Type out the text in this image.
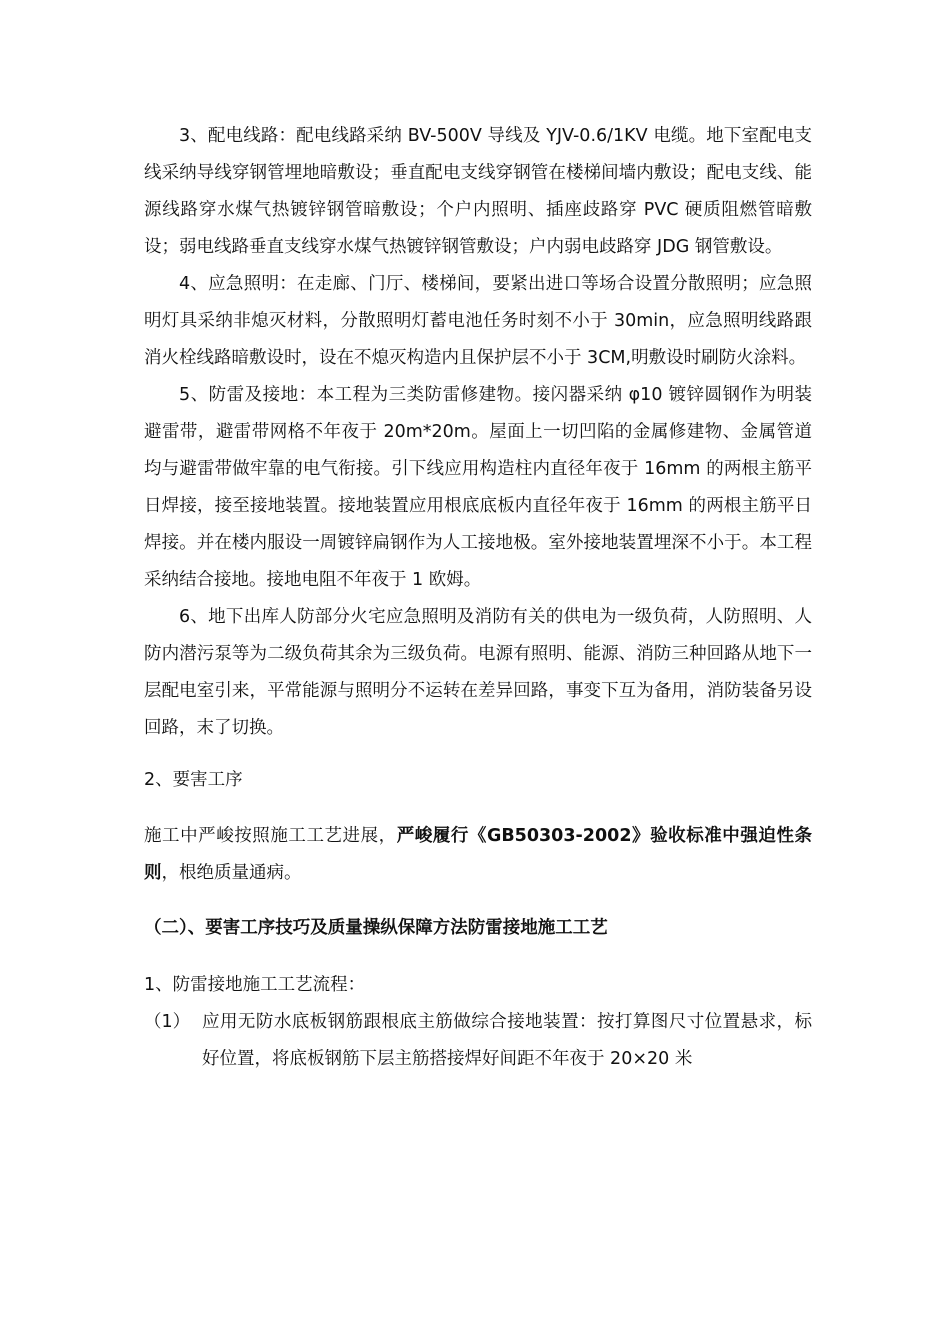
3、配电线路：配电线路采纳 BV-500V 导线及 YJV-0.6/1KV 电缆。地下室配电支线采纳导线穿钢管埋地暗敷设；垂直配电支线穿钢管在楼梯间墙内敷设；配电支线、能源线路穿水煤气热镀锌钢管暗敷设；个户内照明、插座歧路穿 PVC 硬质阻燃管暗敷设；弱电线路垂直支线穿水煤气热镀锌钢管敷设；户内弱电歧路穿 JDG 钢管敷设。

4、应急照明：在走廊、门厅、楼梯间，要紧出进口等场合设置分散照明；应急照明灯具采纳非熄灭材料，分散照明灯蓄电池任务时刻不小于 30min，应急照明线路跟消火栓线路暗敷设时，设在不熄灭构造内且保护层不小于 3CM,明敷设时刷防火涂料。

5、防雷及接地：本工程为三类防雷修建物。接闪器采纳 φ10 镀锌圆钢作为明装避雷带，避雷带网格不年夜于 20m*20m。屋面上一切凹陷的金属修建物、金属管道均与避雷带做牢靠的电气衔接。引下线应用构造柱内直径年夜于 16mm 的两根主筋平日焊接，接至接地装置。接地装置应用根底底板内直径年夜于 16mm 的两根主筋平日焊接。并在楼内服设一周镀锌扁钢作为人工接地极。室外接地装置埋深不小于。本工程采纳结合接地。接地电阻不年夜于 1 欧姆。

6、地下出库人防部分火宅应急照明及消防有关的供电为一级负荷，人防照明、人防内潜污泵等为二级负荷其余为三级负荷。电源有照明、能源、消防三种回路从地下一层配电室引来，平常能源与照明分不运转在差异回路，事变下互为备用，消防装备另设回路，末了切换。

2、要害工序

施工中严峻按照施工工艺进展，严峻履行《GB50303-2002》验收标准中强迫性条则，根绝质量通病。

（二）、要害工序技巧及质量操纵保障方法防雷接地施工工艺

1、防雷接地施工工艺流程：

（1） 应用无防水底板钢筋跟根底主筋做综合接地装置：按打算图尺寸位置悬求，标好位置，将底板钢筋下层主筋搭接焊好间距不年夜于 20×20 米
